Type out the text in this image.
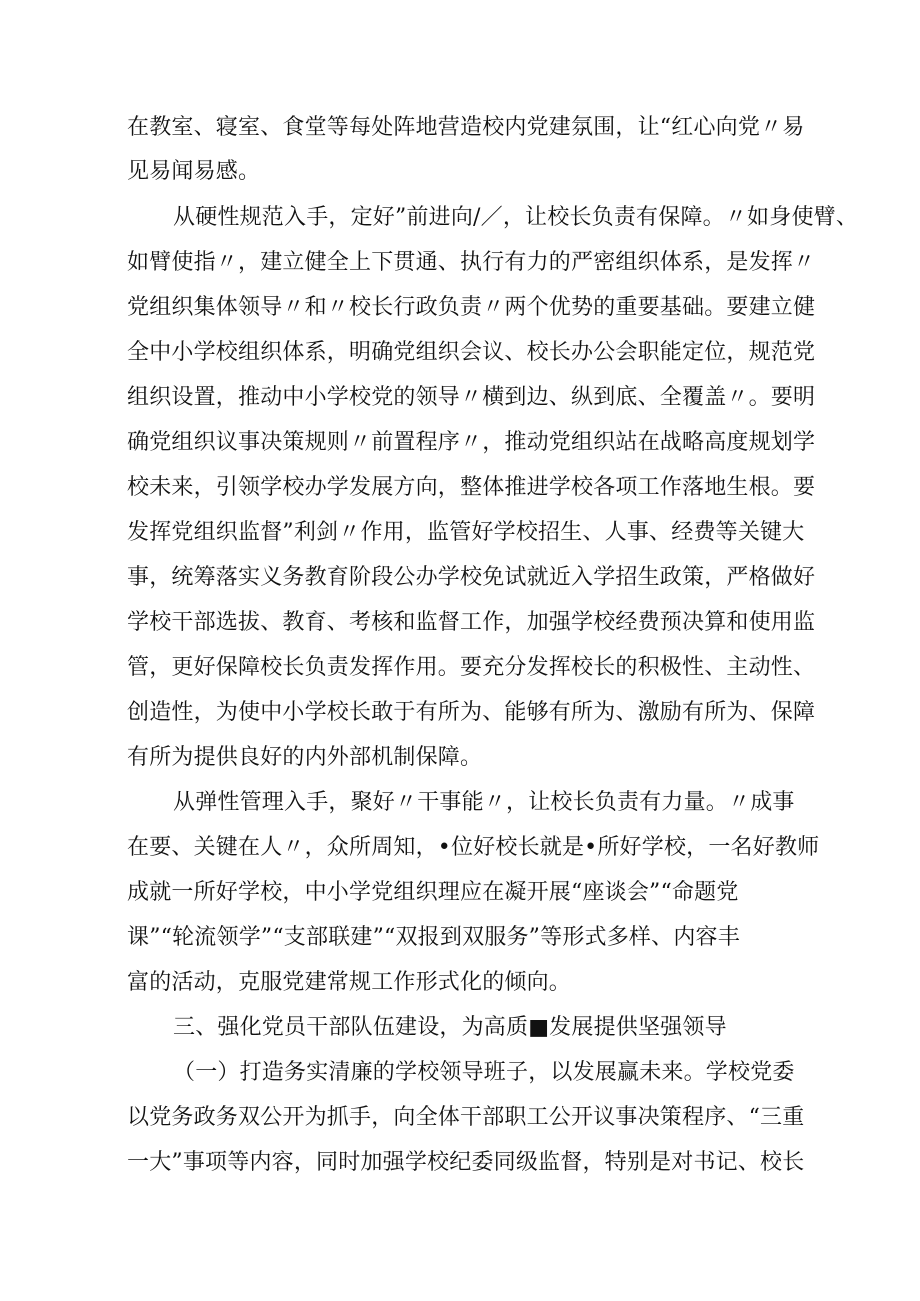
在教室、寝室、食堂等每处阵地营造校内党建氛围，让“红心向党〃易
见易闻易感。
从硬性规范入手，定好”前进向/／，让校长负责有保障。〃如身使臂、
如臂使指〃，建立健全上下贯通、执行有力的严密组织体系，是发挥〃
党组织集体领导〃和〃校长行政负责〃两个优势的重要基础。要建立健
全中小学校组织体系，明确党组织会议、校长办公会职能定位，规范党
组织设置，推动中小学校党的领导〃横到边、纵到底、全覆盖〃。要明
确党组织议事决策规则〃前置程序〃，推动党组织站在战略高度规划学
校未来，引领学校办学发展方向，整体推进学校各项工作落地生根。要
发挥党组织监督”利剑〃作用，监管好学校招生、人事、经费等关键大
事，统筹落实义务教育阶段公办学校免试就近入学招生政策，严格做好
学校干部选拔、教育、考核和监督工作，加强学校经费预决算和使用监
管，更好保障校长负责发挥作用。要充分发挥校长的积极性、主动性、
创造性，为使中小学校长敢于有所为、能够有所为、激励有所为、保障
有所为提供良好的内外部机制保障。
从弹性管理入手，聚好〃干事能〃，让校长负责有力量。〃成事
在要、关键在人〃，众所周知，•位好校长就是•所好学校，一名好教师
成就一所好学校，中小学党组织理应在凝开展“座谈会”“命题党
课”“轮流领学”“支部联建”“双报到双服务”等形式多样、内容丰
富的活动，克服党建常规工作形式化的倾向。
三、强化党员干部队伍建设，为高质■发展提供坚强领导
（一）打造务实清廉的学校领导班子，以发展赢未来。学校党委
以党务政务双公开为抓手，向全体干部职工公开议事决策程序、“三重
一大”事项等内容，同时加强学校纪委同级监督，特别是对书记、校长
